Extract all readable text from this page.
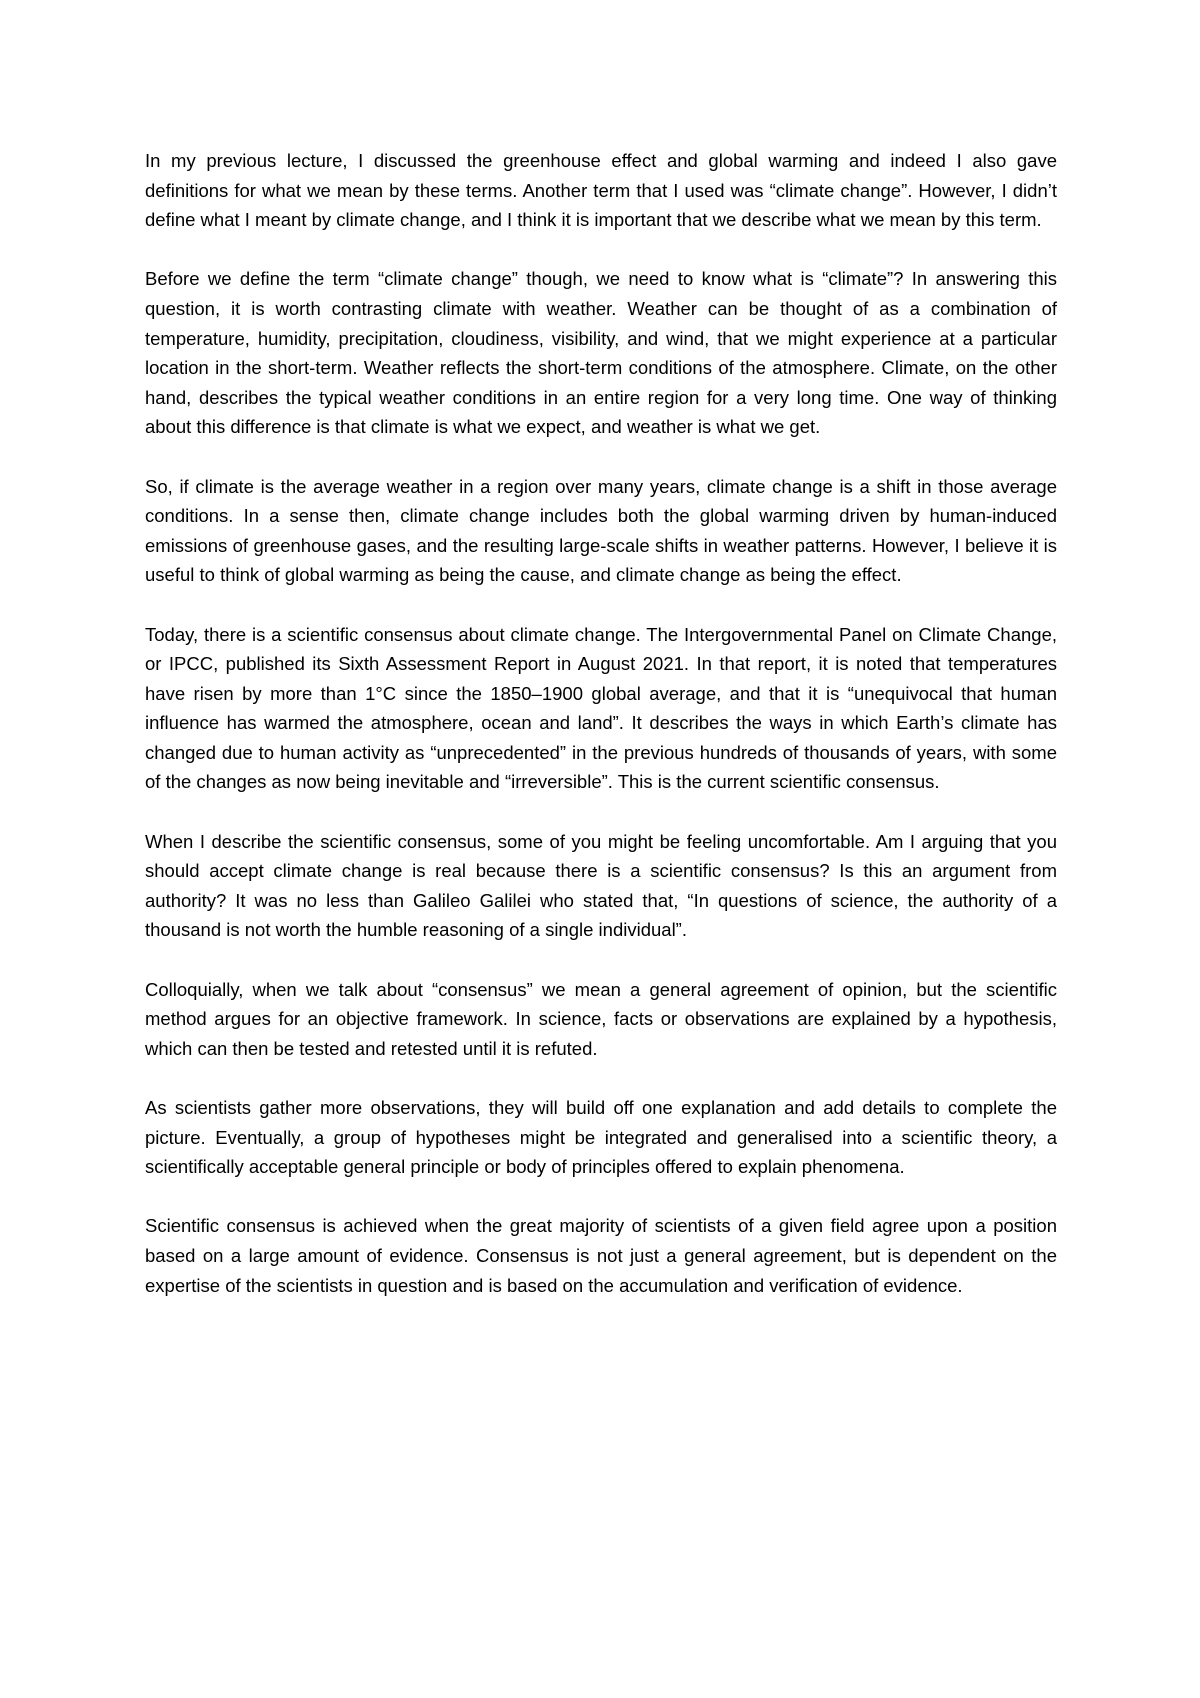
In my previous lecture, I discussed the greenhouse effect and global warming and indeed I also gave definitions for what we mean by these terms. Another term that I used was “climate change”. However, I didn’t define what I meant by climate change, and I think it is important that we describe what we mean by this term.

Before we define the term “climate change” though, we need to know what is “climate”? In answering this question, it is worth contrasting climate with weather. Weather can be thought of as a combination of temperature, humidity, precipitation, cloudiness, visibility, and wind, that we might experience at a particular location in the short-term. Weather reflects the short-term conditions of the atmosphere. Climate, on the other hand, describes the typical weather conditions in an entire region for a very long time. One way of thinking about this difference is that climate is what we expect, and weather is what we get.

So, if climate is the average weather in a region over many years, climate change is a shift in those average conditions. In a sense then, climate change includes both the global warming driven by human-induced emissions of greenhouse gases, and the resulting large-scale shifts in weather patterns. However, I believe it is useful to think of global warming as being the cause, and climate change as being the effect.

Today, there is a scientific consensus about climate change. The Intergovernmental Panel on Climate Change, or IPCC, published its Sixth Assessment Report in August 2021. In that report, it is noted that temperatures have risen by more than 1°C since the 1850–1900 global average, and that it is “unequivocal that human influence has warmed the atmosphere, ocean and land”. It describes the ways in which Earth’s climate has changed due to human activity as “unprecedented” in the previous hundreds of thousands of years, with some of the changes as now being inevitable and “irreversible”. This is the current scientific consensus.

When I describe the scientific consensus, some of you might be feeling uncomfortable. Am I arguing that you should accept climate change is real because there is a scientific consensus? Is this an argument from authority? It was no less than Galileo Galilei who stated that, “In questions of science, the authority of a thousand is not worth the humble reasoning of a single individual”.

Colloquially, when we talk about “consensus” we mean a general agreement of opinion, but the scientific method argues for an objective framework. In science, facts or observations are explained by a hypothesis, which can then be tested and retested until it is refuted.

As scientists gather more observations, they will build off one explanation and add details to complete the picture. Eventually, a group of hypotheses might be integrated and generalised into a scientific theory, a scientifically acceptable general principle or body of principles offered to explain phenomena.

Scientific consensus is achieved when the great majority of scientists of a given field agree upon a position based on a large amount of evidence. Consensus is not just a general agreement, but is dependent on the expertise of the scientists in question and is based on the accumulation and verification of evidence.
